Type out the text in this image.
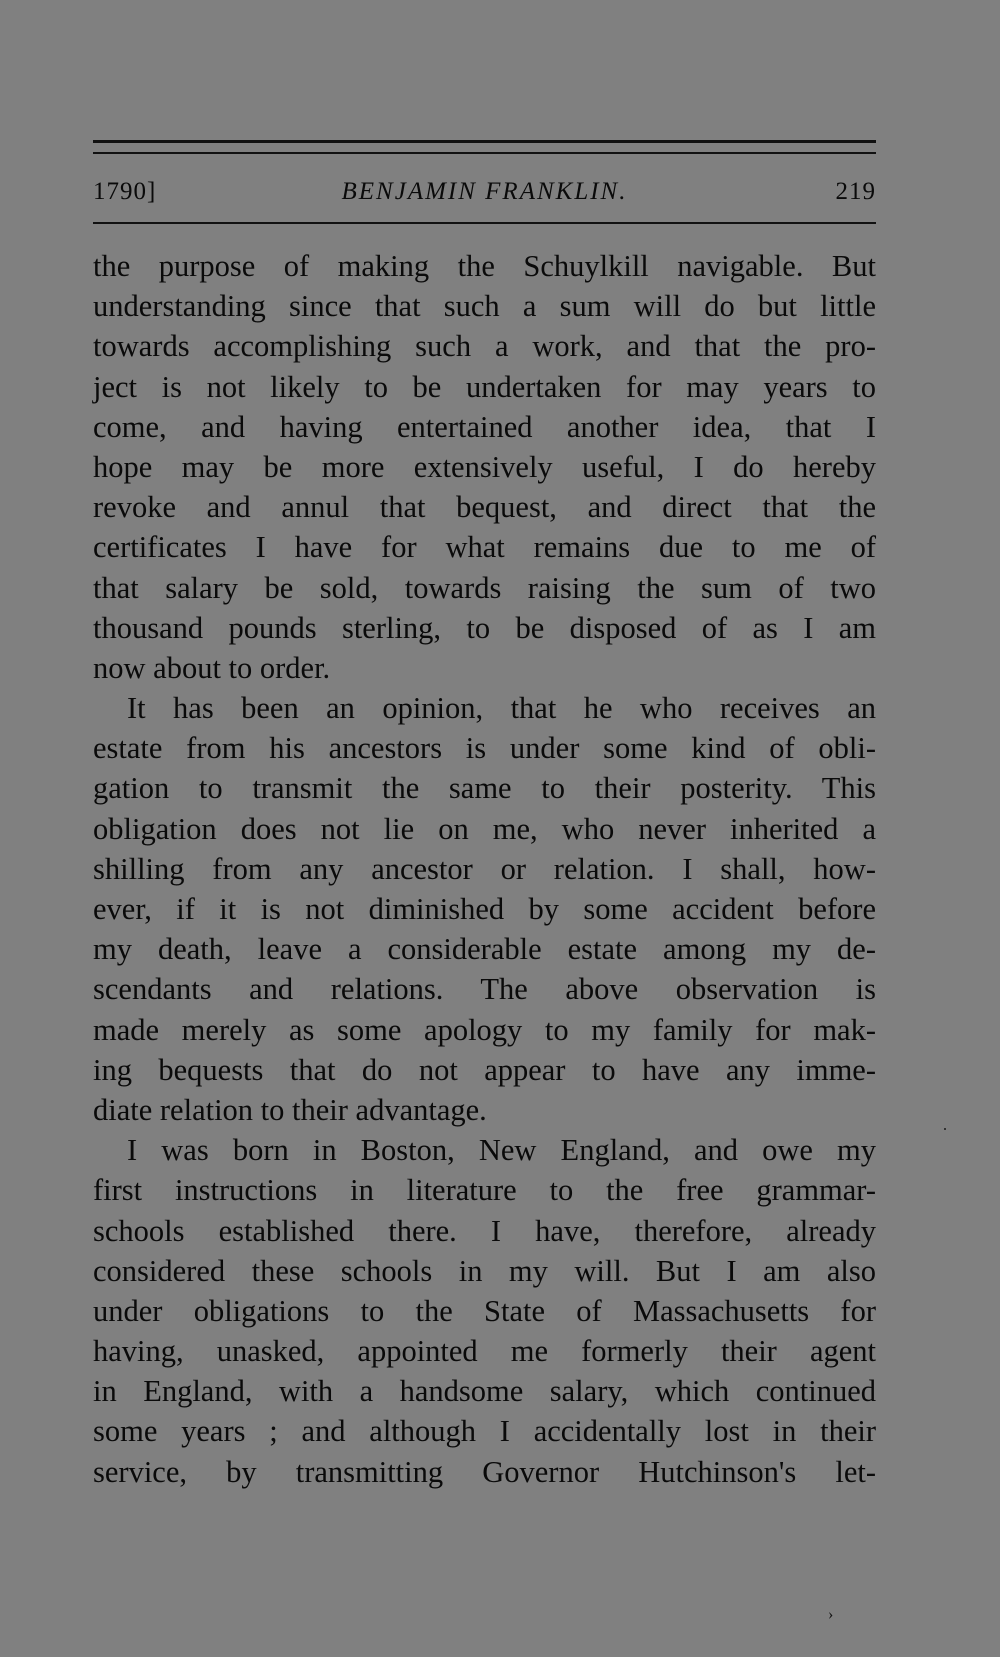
1790]	BENJAMIN FRANKLIN.	219
the purpose of making the Schuylkill navigable. But
understanding since that such a sum will do but little
towards accomplishing such a work, and that the pro-
ject is not likely to be undertaken for may years to
come, and having entertained another idea, that I
hope may be more extensively useful, I do hereby
revoke and annul that bequest, and direct that the
certificates I have for what remains due to me of
that salary be sold, towards raising the sum of two
thousand pounds sterling, to be disposed of as I am
now about to order.
It has been an opinion, that he who receives an
estate from his ancestors is under some kind of obli-
gation to transmit the same to their posterity. This
obligation does not lie on me, who never inherited a
shilling from any ancestor or relation. I shall, how-
ever, if it is not diminished by some accident before
my death, leave a considerable estate among my de-
scendants and relations. The above observation is
made merely as some apology to my family for mak-
ing bequests that do not appear to have any imme-
diate relation to their advantage.
I was born in Boston, New England, and owe my
first instructions in literature to the free grammar-
schools established there. I have, therefore, already
considered these schools in my will. But I am also
under obligations to the State of Massachusetts for
having, unasked, appointed me formerly their agent
in England, with a handsome salary, which continued
some years ; and although I accidentally lost in their
service, by transmitting Governor Hutchinson's let-
›
